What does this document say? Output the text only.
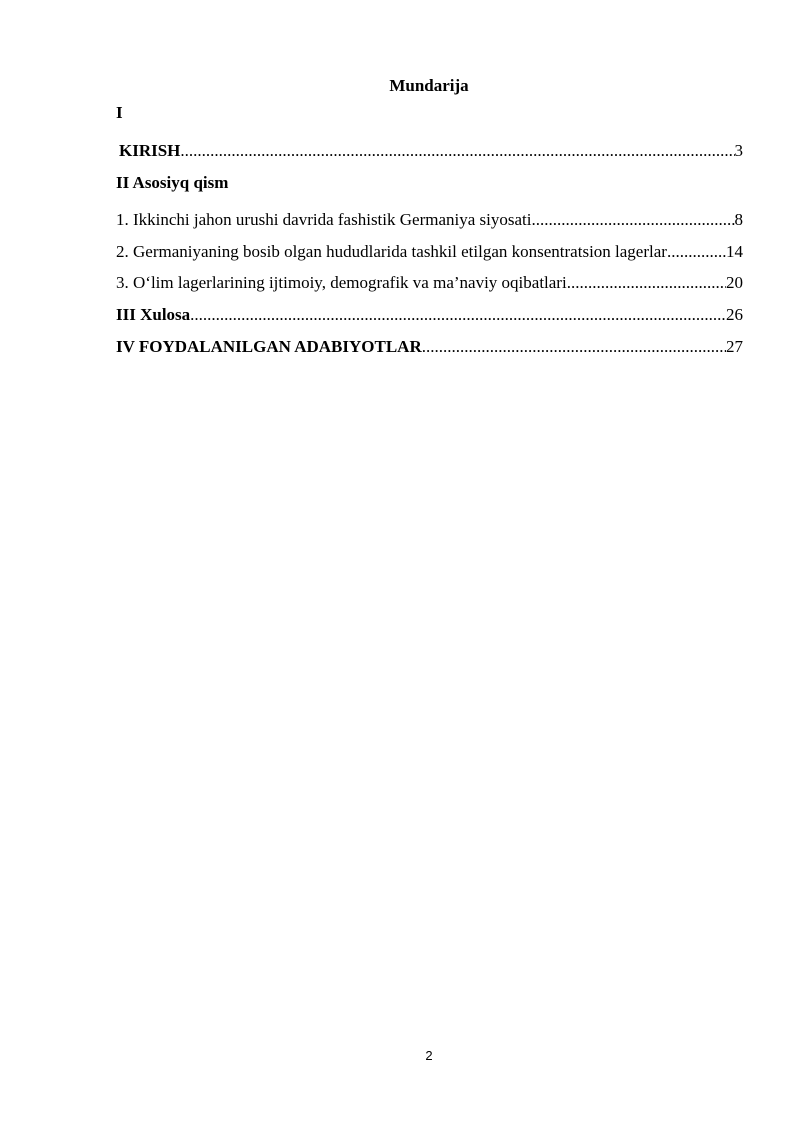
Mundarija
I
KIRISH .....	3
II Asosiyq qism
1. Ikkinchi jahon urushi davrida fashistik Germaniya siyosati .....	8
2. Germaniyaning bosib olgan hududlarida tashkil etilgan konsentratsion lagerlar .....	14
3. O‘lim lagerlarining ijtimoiy, demografik va ma’naviy oqibatlari .....	20
III Xulosa .....	26
IV FOYDALANILGAN ADABIYOTLAR .....	27
2
